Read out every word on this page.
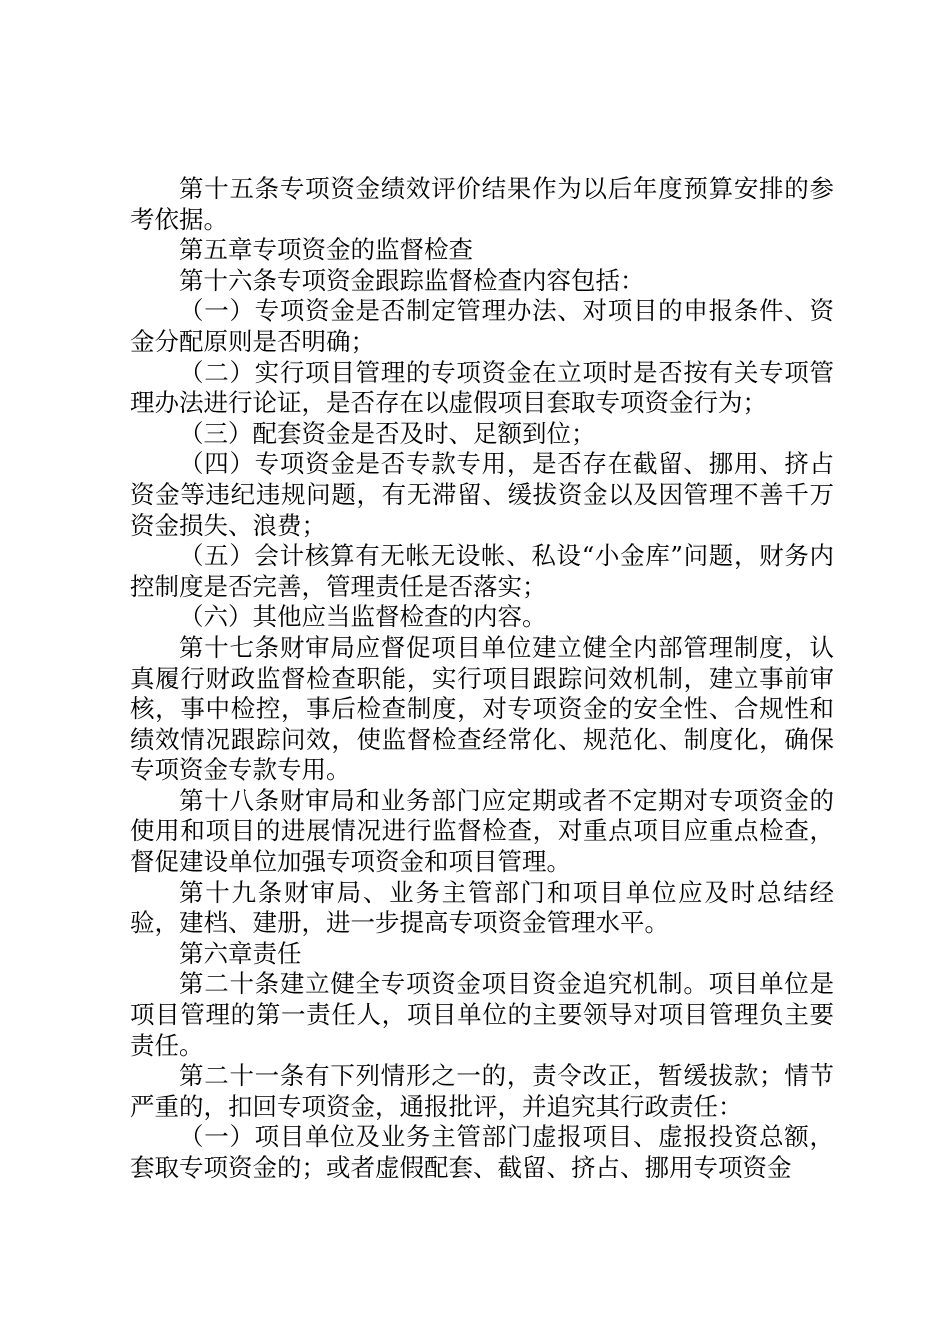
第十五条专项资金绩效评价结果作为以后年度预算安排的参考依据。

第五章专项资金的监督检查

第十六条专项资金跟踪监督检查内容包括：

（一）专项资金是否制定管理办法、对项目的申报条件、资金分配原则是否明确；

（二）实行项目管理的专项资金在立项时是否按有关专项管理办法进行论证，是否存在以虚假项目套取专项资金行为；

（三）配套资金是否及时、足额到位；

（四）专项资金是否专款专用，是否存在截留、挪用、挤占资金等违纪违规问题，有无滞留、缓拔资金以及因管理不善千万资金损失、浪费；

（五）会计核算有无帐无设帐、私设“小金库”问题，财务内控制度是否完善，管理责任是否落实；

（六）其他应当监督检查的内容。

第十七条财审局应督促项目单位建立健全内部管理制度，认真履行财政监督检查职能，实行项目跟踪问效机制，建立事前审核，事中检控，事后检查制度，对专项资金的安全性、合规性和绩效情况跟踪问效，使监督检查经常化、规范化、制度化，确保专项资金专款专用。

第十八条财审局和业务部门应定期或者不定期对专项资金的使用和项目的进展情况进行监督检查，对重点项目应重点检查，督促建设单位加强专项资金和项目管理。

第十九条财审局、业务主管部门和项目单位应及时总结经验，建档、建册，进一步提高专项资金管理水平。

第六章责任

第二十条建立健全专项资金项目资金追究机制。项目单位是项目管理的第一责任人，项目单位的主要领导对项目管理负主要责任。

第二十一条有下列情形之一的，责令改正，暂缓拔款；情节严重的，扣回专项资金，通报批评，并追究其行政责任：

（一）项目单位及业务主管部门虚报项目、虚报投资总额，套取专项资金的；或者虚假配套、截留、挤占、挪用专项资金
